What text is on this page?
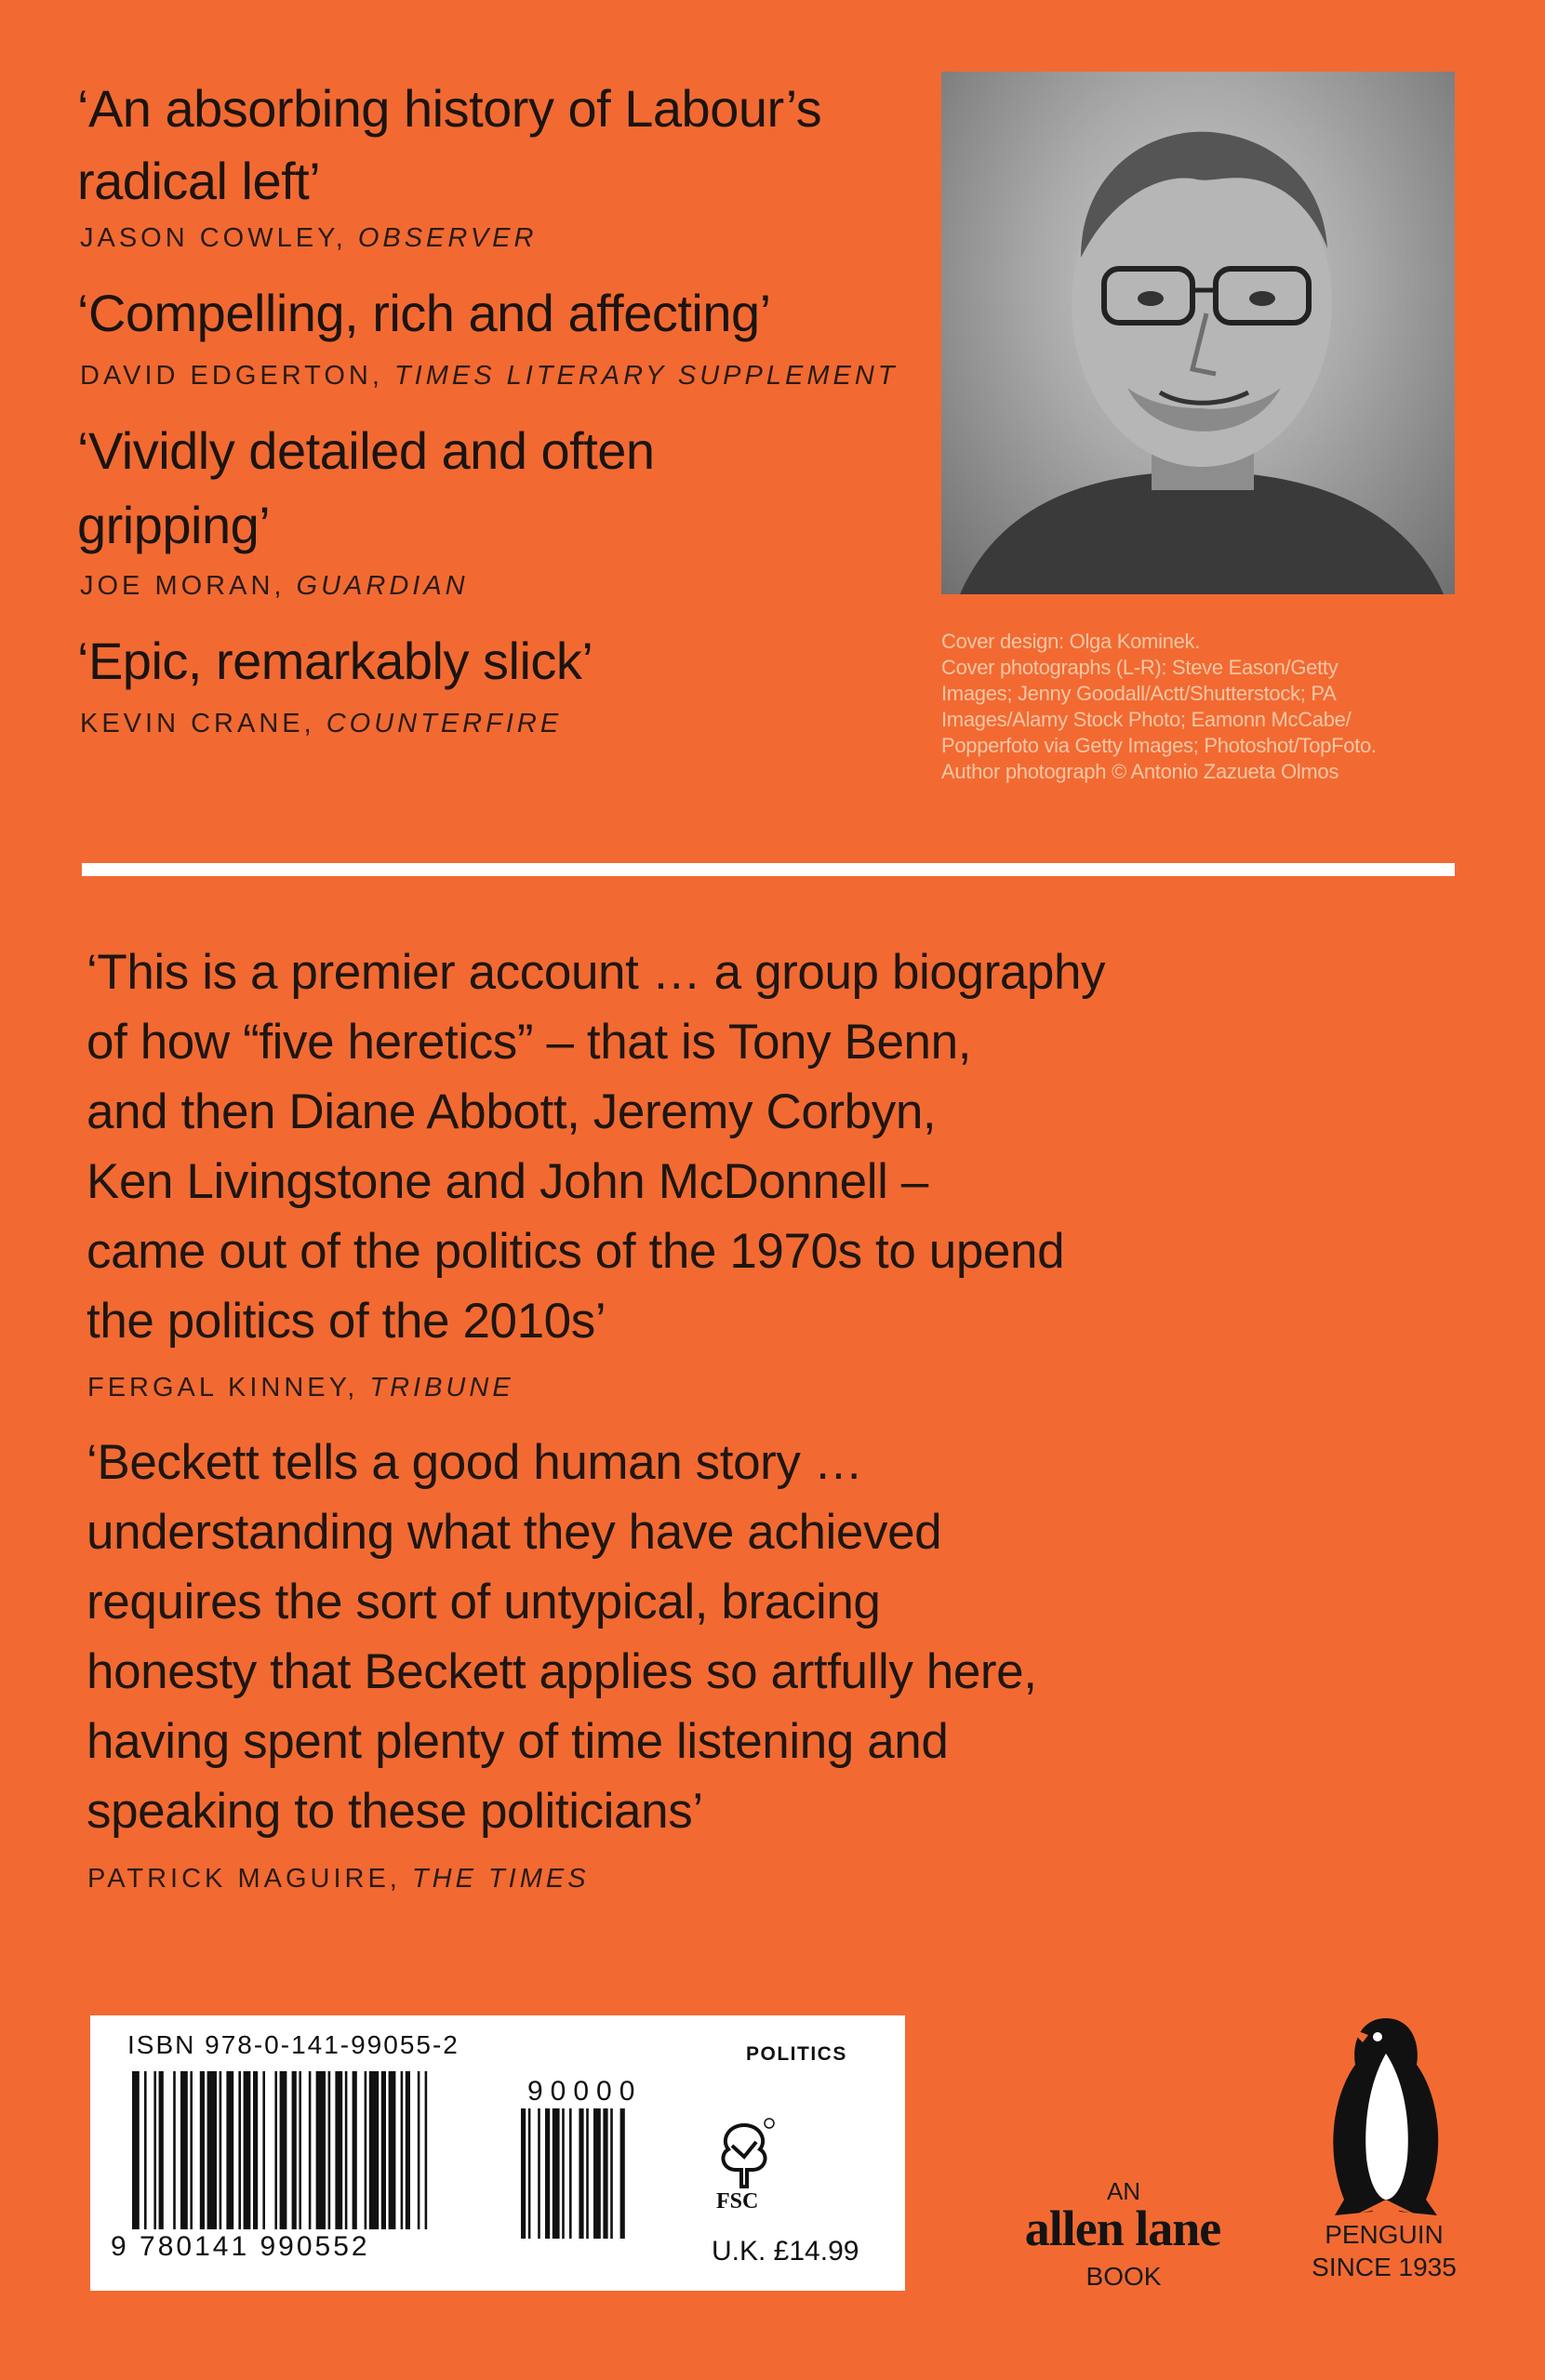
‘An absorbing history of Labour’s
radical left’
JASON COWLEY, OBSERVER
‘Compelling, rich and affecting’
DAVID EDGERTON, TIMES LITERARY SUPPLEMENT
‘Vividly detailed and often
gripping’
JOE MORAN, GUARDIAN
‘Epic, remarkably slick’
KEVIN CRANE, COUNTERFIRE
Cover design: Olga Kominek.
Cover photographs (L-R): Steve Eason/Getty
Images; Jenny Goodall/Actt/Shutterstock; PA
Images/Alamy Stock Photo; Eamonn McCabe/
Popperfoto via Getty Images; Photoshot/TopFoto.
Author photograph © Antonio Zazueta Olmos
‘This is a premier account … a group biography
of how “five heretics” – that is Tony Benn,
and then Diane Abbott, Jeremy Corbyn,
Ken Livingstone and John McDonnell –
came out of the politics of the 1970s to upend
the politics of the 2010s’
FERGAL KINNEY, TRIBUNE
‘Beckett tells a good human story …
understanding what they have achieved
requires the sort of untypical, bracing
honesty that Beckett applies so artfully here,
having spent plenty of time listening and
speaking to these politicians’
PATRICK MAGUIRE, THE TIMES
ISBN 978-0-141-99055-2	POLITICS
90000
FSC
9 780141 990552	U.K. £14.99
AN
allen lane
BOOK
PENGUIN
SINCE 1935
